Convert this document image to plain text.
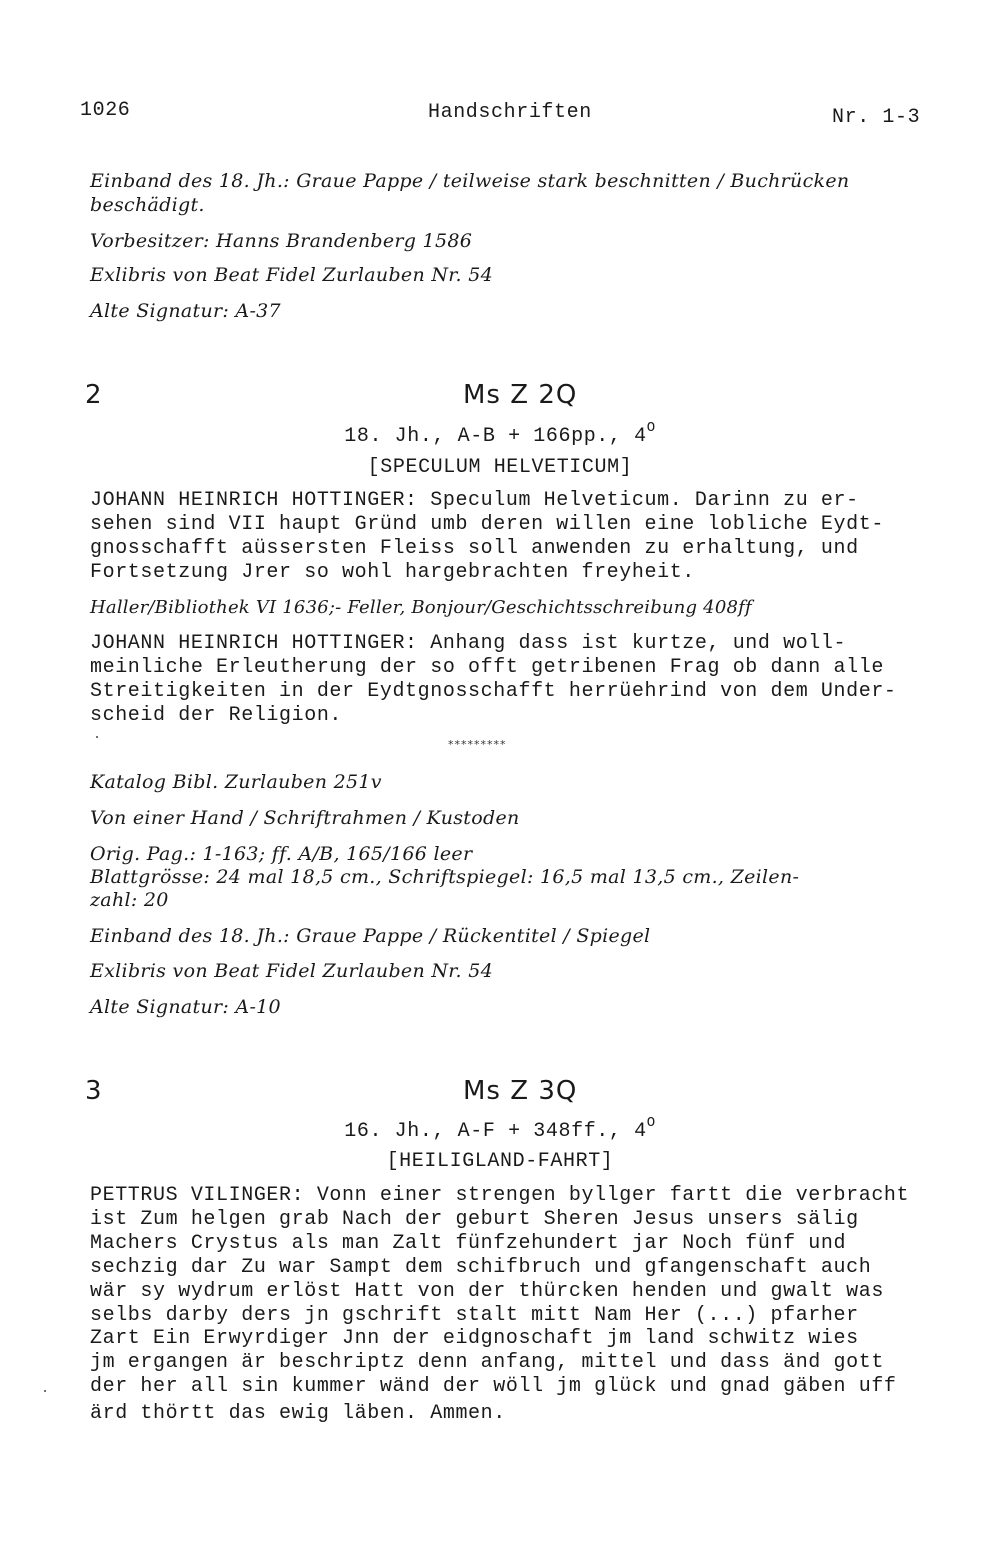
1026	Handschriften	Nr. 1-3
Einband des 18. Jh.: Graue Pappe / teilweise stark beschnitten / Buchrücken
beschädigt.
Vorbesitzer: Hanns Brandenberg 1586
Exlibris von Beat Fidel Zurlauben Nr. 54
Alte Signatur: A-37
2	Ms Z 2Q
18. Jh., A-B + 166pp., $4^O$
[SPECULUM HELVETICUM]
JOHANN HEINRICH HOTTINGER: Speculum Helveticum. Darinn zu er-
sehen sind VII haupt Gründ umb deren willen eine lobliche Eydt-
gnosschafft aüssersten Fleiss soll anwenden zu erhaltung, und
Fortsetzung Jrer so wohl hargebrachten freyheit.
Haller/Bibliothek VI 1636;- Feller, Bonjour/Geschichtsschreibung 408ff
JOHANN HEINRICH HOTTINGER: Anhang dass ist kurtze, und woll-
meinliche Erleutherung der so offt getribenen Frag ob dann alle
Streitigkeiten in der Eydtgnosschafft herrüehrind von dem Under-
scheid der Religion.
*********
Katalog Bibl. Zurlauben 251v
Von einer Hand / Schriftrahmen / Kustoden
Orig. Pag.: 1-163; ff. A/B, 165/166 leer
Blattgrösse: 24 mal 18,5 cm., Schriftspiegel: 16,5 mal 13,5 cm., Zeilen-
zahl: 20
Einband des 18. Jh.: Graue Pappe / Rückentitel / Spiegel
Exlibris von Beat Fidel Zurlauben Nr. 54
Alte Signatur: A-10
3	Ms Z 3Q
16. Jh., A-F + 348ff., $4^O$
[HEILIGLAND-FAHRT]
PETTRUS VILINGER: Vonn einer strengen byllger fartt die verbracht
ist Zum helgen grab Nach der geburt Sheren Jesus unsers sälig
Machers Crystus als man Zalt fünfzehundert jar Noch fünf und
sechzig dar Zu war Sampt dem schifbruch und gfangenschaft auch
wär sy wydrum erlöst Hatt von der thürcken henden und gwalt was
selbs darby ders jn gschrift stalt mitt Nam Her (...) pfarher
Zart Ein Erwyrdiger Jnn der eidgnoschaft jm land schwitz wies
jm ergangen är beschriptz denn anfang, mittel und dass änd gott
der her all sin kummer wänd der wöll jm glück und gnad gäben uff
ärd thörtt das ewig läben. Ammen.
